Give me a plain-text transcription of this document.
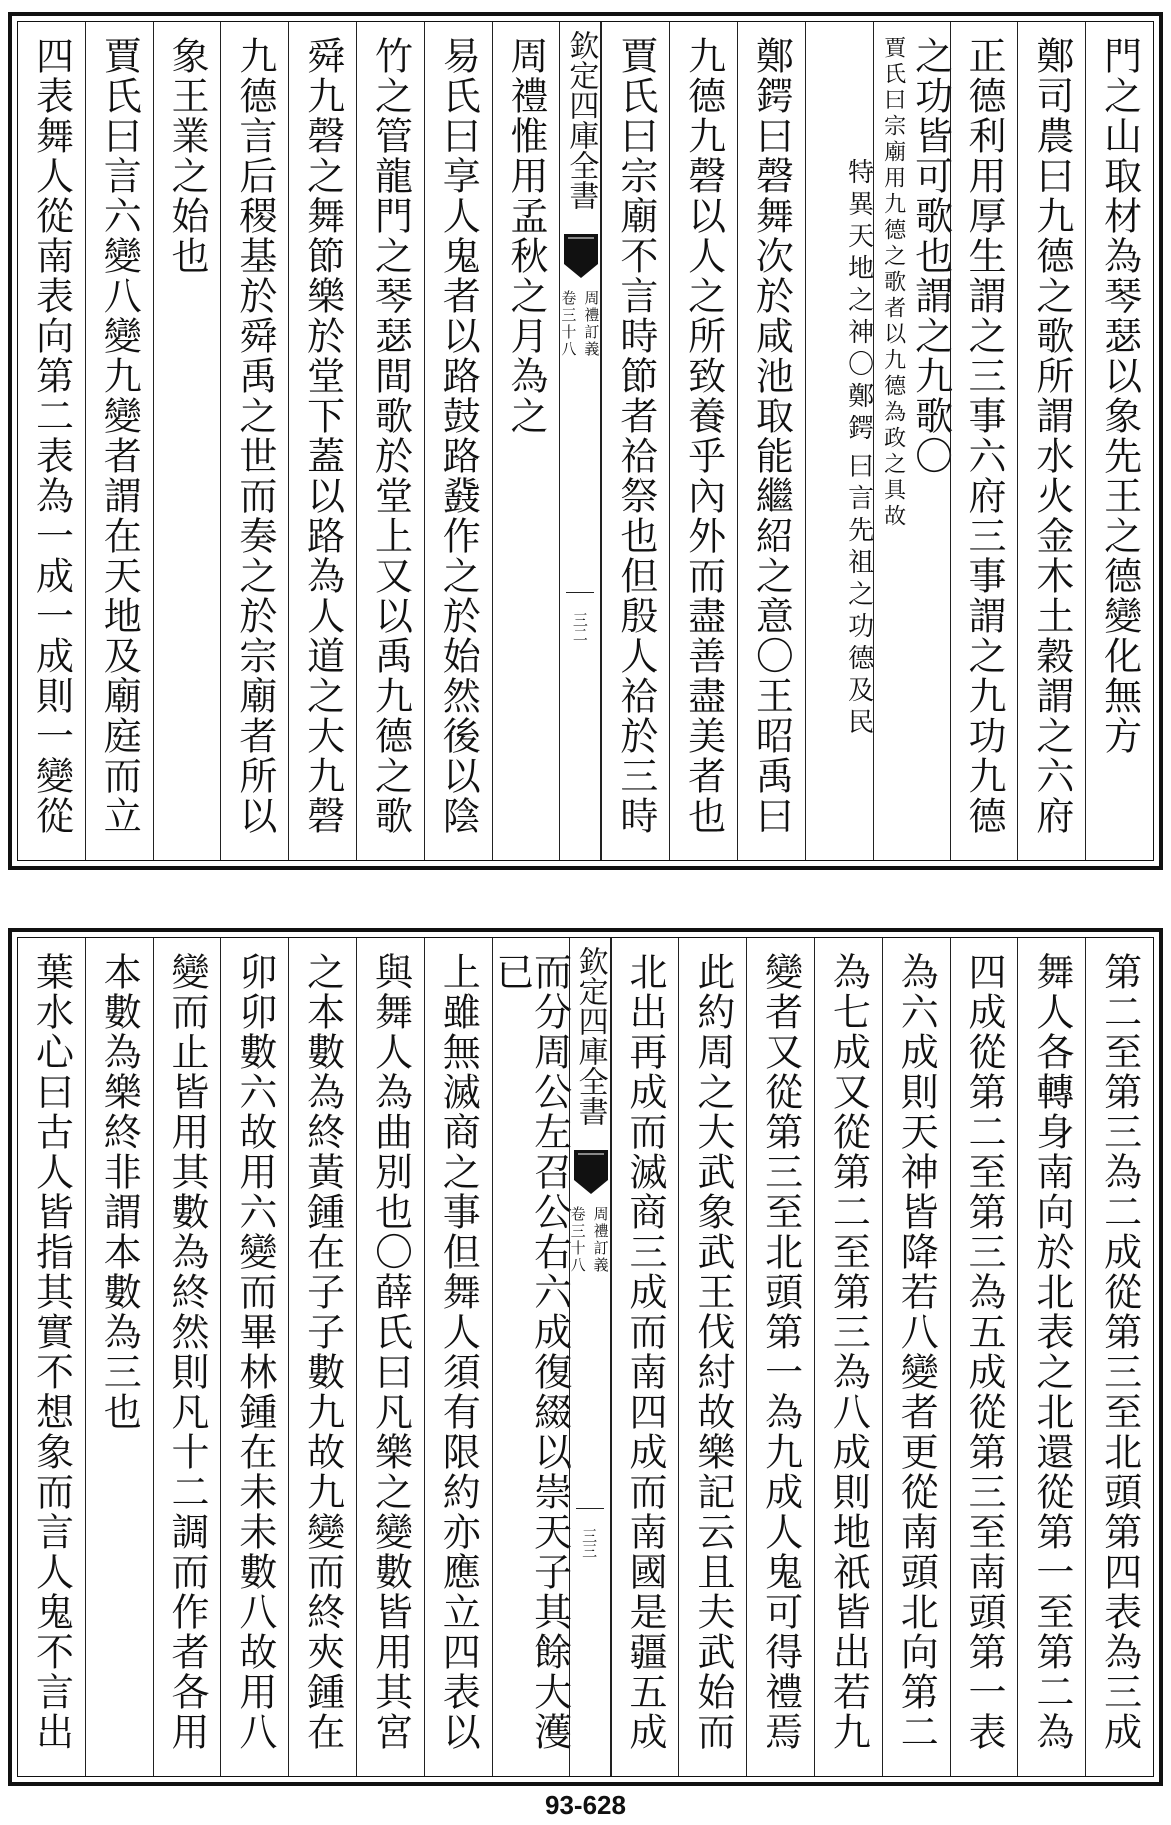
門之山取材為琴瑟以象先王之德變化無方
鄭司農曰九德之歌所謂水火金木土穀謂之六府
正德利用厚生謂之三事六府三事謂之九功九德
之功皆可歌也謂之九歌〇賈氏曰宗廟用九德之歌者以九德為政之具故
特異天地之神〇鄭鍔
曰言先祖之功德及民
鄭鍔曰磬舞次於咸池取能繼紹之意〇王昭禹曰
九德九磬以人之所致養乎內外而盡善盡美者也
賈氏曰宗廟不言時節者祫祭也但殷人祫於三時
欽定四庫全書
周禮訂義
卷三十八
三二
周禮惟用孟秋之月為之
易氏曰享人鬼者以路鼓路鼗作之於始然後以陰
竹之管龍門之琴瑟間歌於堂上又以禹九德之歌
舜九磬之舞節樂於堂下蓋以路為人道之大九磬
九德言后稷基於舜禹之世而奏之於宗廟者所以
象王業之始也
賈氏曰言六變八變九變者謂在天地及廟庭而立
四表舞人從南表向第二表為一成一成則一變從
第二至第三為二成從第三至北頭第四表為三成
舞人各轉身南向於北表之北還從第一至第二為
四成從第二至第三為五成從第三至南頭第一表
為六成則天神皆降若八變者更從南頭北向第二
為七成又從第二至第三為八成則地祇皆出若九
變者又從第三至北頭第一為九成人鬼可得禮焉
此約周之大武象武王伐紂故樂記云且夫武始而
北出再成而滅商三成而南四成而南國是疆五成
欽定四庫全書
周禮訂義
卷三十八
三三
而分周公左召公右六成復綴以崇天子其餘大濩已
上雖無滅商之事但舞人須有限約亦應立四表以
與舞人為曲別也〇薛氏曰凡樂之變數皆用其宮
之本數為終黃鍾在子子數九故九變而終夾鍾在
卯卯數六故用六變而畢林鍾在未未數八故用八
變而止皆用其數為終然則凡十二調而作者各用
本數為樂終非謂本數為三也
葉水心曰古人皆指其實不想象而言人鬼不言出
93-628
